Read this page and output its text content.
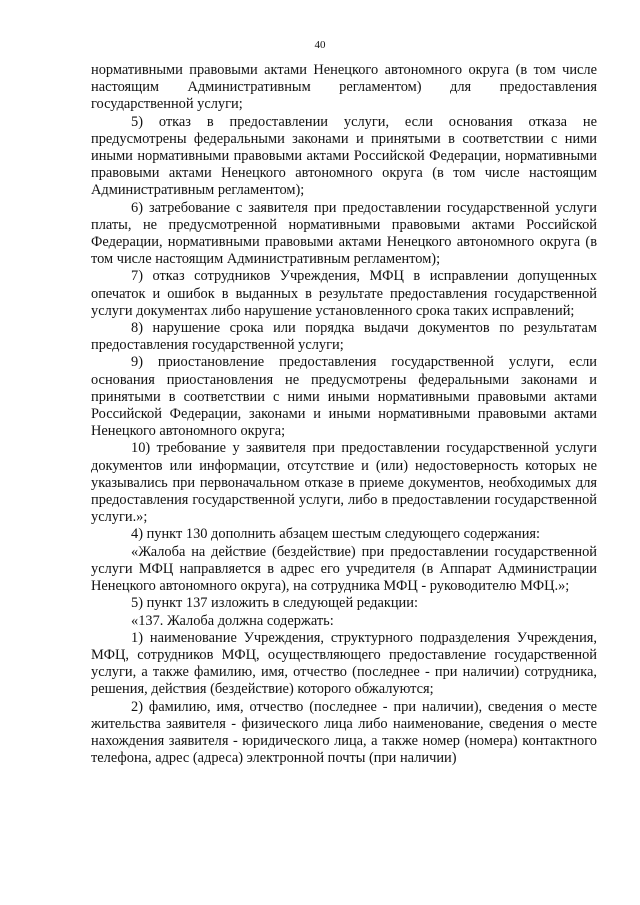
40

нормативными правовыми актами Ненецкого автономного округа (в том числе настоящим Административным регламентом) для предоставления государственной услуги;

5) отказ в предоставлении услуги, если основания отказа не предусмотрены федеральными законами и принятыми в соответствии с ними иными нормативными правовыми актами Российской Федерации, нормативными правовыми актами Ненецкого автономного округа (в том числе настоящим Административным регламентом);

6) затребование с заявителя при предоставлении государственной услуги платы, не предусмотренной нормативными правовыми актами Российской Федерации, нормативными правовыми актами Ненецкого автономного округа (в том числе настоящим Административным регламентом);

7) отказ сотрудников Учреждения, МФЦ в исправлении допущенных опечаток и ошибок в выданных в результате предоставления государственной услуги документах либо нарушение установленного срока таких исправлений;

8) нарушение срока или порядка выдачи документов по результатам предоставления государственной услуги;

9) приостановление предоставления государственной услуги, если основания приостановления не предусмотрены федеральными законами и принятыми в соответствии с ними иными нормативными правовыми актами Российской Федерации, законами и иными нормативными правовыми актами Ненецкого автономного округа;

10) требование у заявителя при предоставлении государственной услуги документов или информации, отсутствие и (или) недостоверность которых не указывались при первоначальном отказе в приеме документов, необходимых для предоставления государственной услуги, либо в предоставлении государственной услуги.»;

4) пункт 130 дополнить абзацем шестым следующего содержания:

«Жалоба на действие (бездействие) при предоставлении государственной услуги МФЦ направляется в адрес его учредителя (в Аппарат Администрации Ненецкого автономного округа), на сотрудника МФЦ - руководителю МФЦ.»;

5) пункт 137 изложить в следующей редакции:

«137. Жалоба должна содержать:

1) наименование Учреждения, структурного подразделения Учреждения, МФЦ, сотрудников МФЦ, осуществляющего предоставление государственной услуги, а также фамилию, имя, отчество (последнее - при наличии) сотрудника, решения, действия (бездействие) которого обжалуются;

2) фамилию, имя, отчество (последнее - при наличии), сведения о месте жительства заявителя - физического лица либо наименование, сведения о месте нахождения заявителя - юридического лица, а также номер (номера) контактного телефона, адрес (адреса) электронной почты (при наличии)
